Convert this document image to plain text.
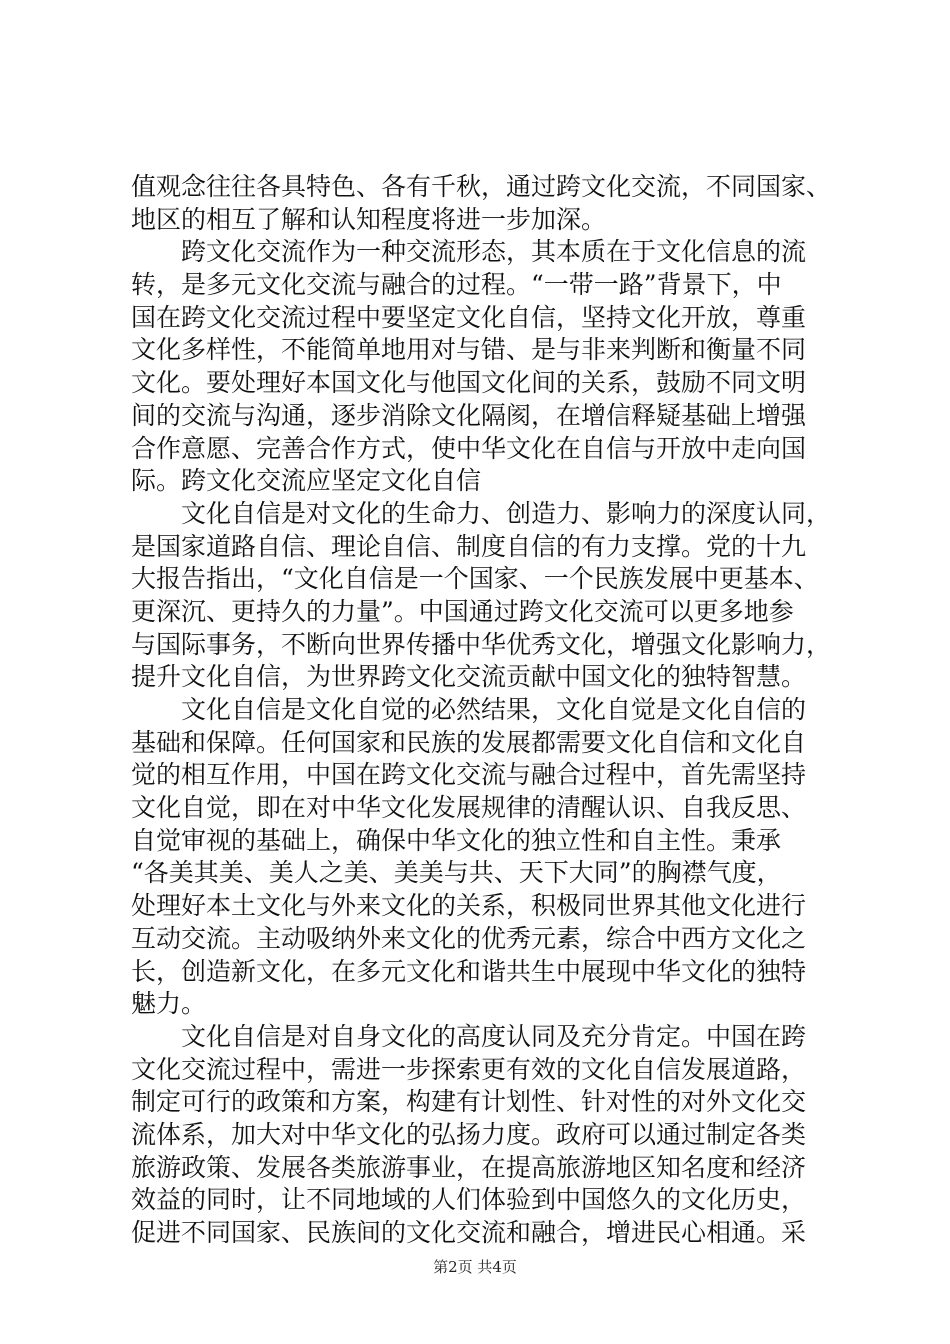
值观念往往各具特色、各有千秋，通过跨文化交流，不同国家、
地区的相互了解和认知程度将进一步加深。
跨文化交流作为一种交流形态，其本质在于文化信息的流
转，是多元文化交流与融合的过程。“一带一路”背景下，中
国在跨文化交流过程中要坚定文化自信，坚持文化开放，尊重
文化多样性，不能简单地用对与错、是与非来判断和衡量不同
文化。要处理好本国文化与他国文化间的关系，鼓励不同文明
间的交流与沟通，逐步消除文化隔阂，在增信释疑基础上增强
合作意愿、完善合作方式，使中华文化在自信与开放中走向国
际。跨文化交流应坚定文化自信
文化自信是对文化的生命力、创造力、影响力的深度认同，
是国家道路自信、理论自信、制度自信的有力支撑。党的十九
大报告指出，“文化自信是一个国家、一个民族发展中更基本、
更深沉、更持久的力量”。中国通过跨文化交流可以更多地参
与国际事务，不断向世界传播中华优秀文化，增强文化影响力，
提升文化自信，为世界跨文化交流贡献中国文化的独特智慧。
文化自信是文化自觉的必然结果，文化自觉是文化自信的
基础和保障。任何国家和民族的发展都需要文化自信和文化自
觉的相互作用，中国在跨文化交流与融合过程中，首先需坚持
文化自觉，即在对中华文化发展规律的清醒认识、自我反思、
自觉审视的基础上，确保中华文化的独立性和自主性。秉承
“各美其美、美人之美、美美与共、天下大同”的胸襟气度，
处理好本土文化与外来文化的关系，积极同世界其他文化进行
互动交流。主动吸纳外来文化的优秀元素，综合中西方文化之
长，创造新文化，在多元文化和谐共生中展现中华文化的独特
魅力。
文化自信是对自身文化的高度认同及充分肯定。中国在跨
文化交流过程中，需进一步探索更有效的文化自信发展道路，
制定可行的政策和方案，构建有计划性、针对性的对外文化交
流体系，加大对中华文化的弘扬力度。政府可以通过制定各类
旅游政策、发展各类旅游事业，在提高旅游地区知名度和经济
效益的同时，让不同地域的人们体验到中国悠久的文化历史，
促进不同国家、民族间的文化交流和融合，增进民心相通。采
第2页 共4页
